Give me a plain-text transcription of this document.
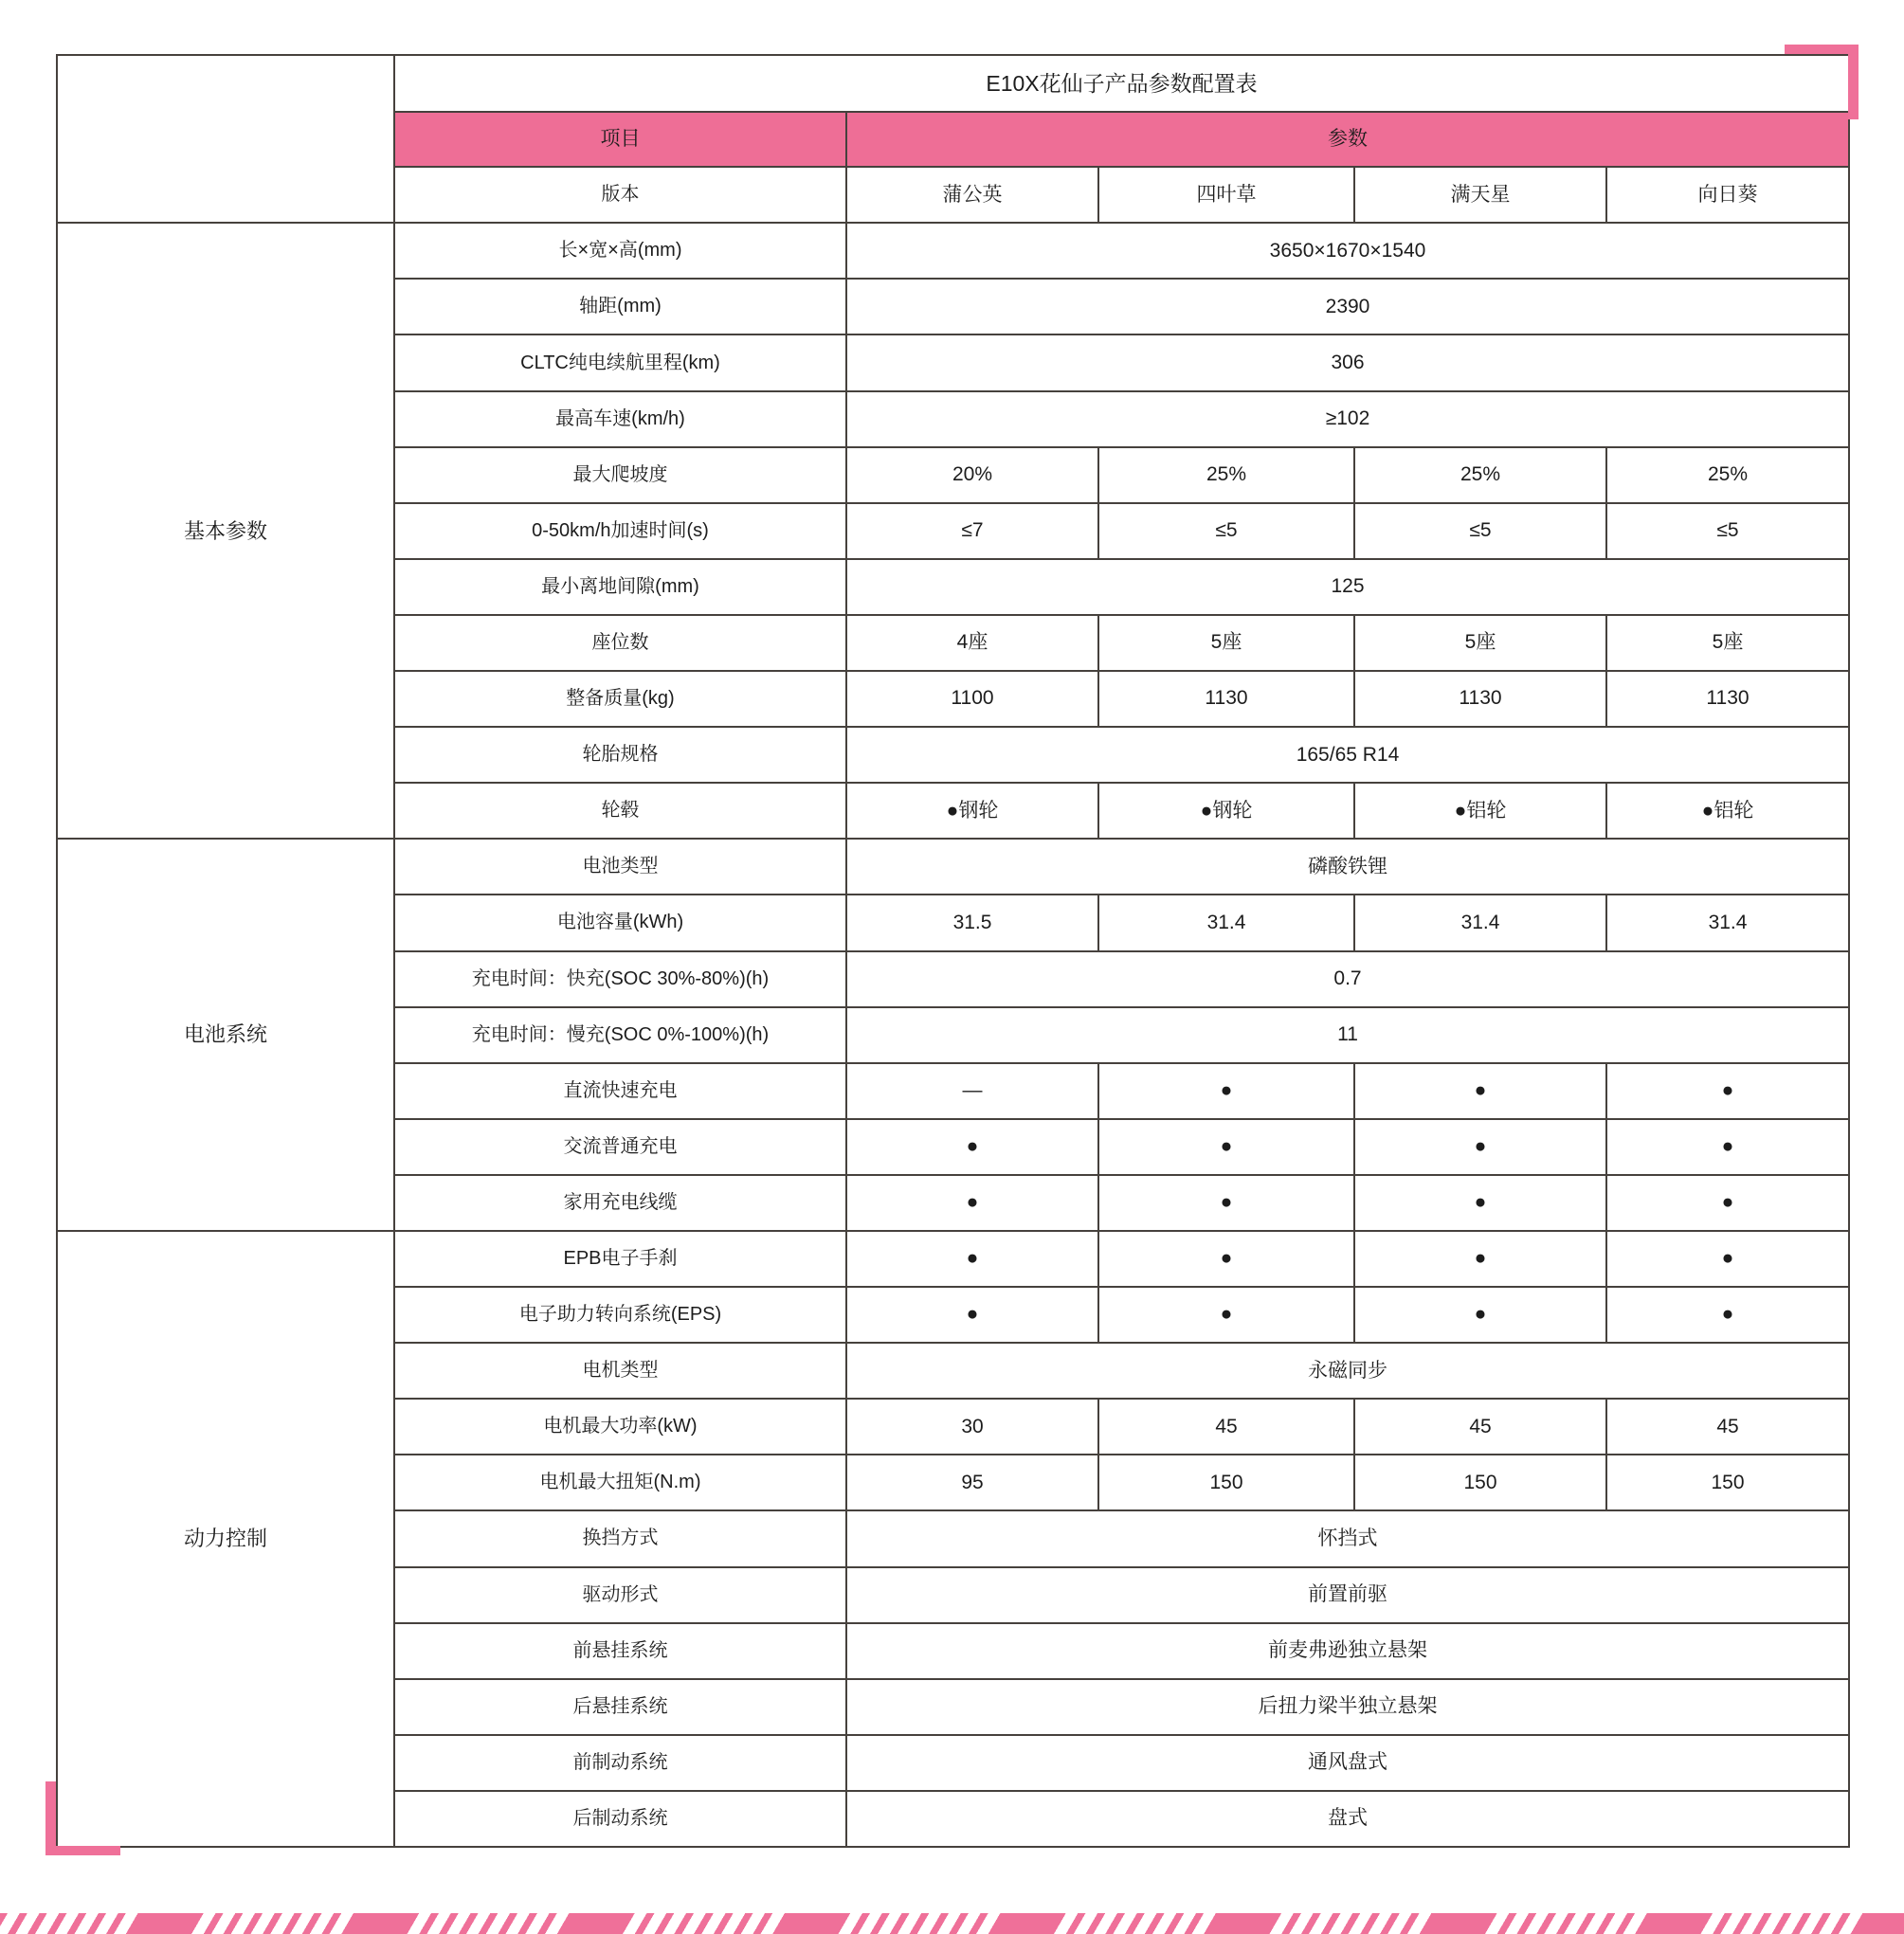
	E10X花仙子产品参数配置表				
	项目	参数			
	版本	蒲公英	四叶草	满天星	向日葵
基本参数	长×宽×高(mm)	3650×1670×1540			
	轴距(mm)	2390			
	CLTC纯电续航里程(km)	306			
	最高车速(km/h)	≥102			
	最大爬坡度	20%	25%	25%	25%
	0-50km/h加速时间(s)	≤7	≤5	≤5	≤5
	最小离地间隙(mm)	125			
	座位数	4座	5座	5座	5座
	整备质量(kg)	1100	1130	1130	1130
	轮胎规格	165/65 R14			
	轮毂	●钢轮	●钢轮	●铝轮	●铝轮
电池系统	电池类型	磷酸铁锂			
	电池容量(kWh)	31.5	31.4	31.4	31.4
	充电时间：快充(SOC 30%-80%)(h)	0.7			
	充电时间：慢充(SOC 0%-100%)(h)	11			
	直流快速充电	—	●	●	●
	交流普通充电	●	●	●	●
	家用充电线缆	●	●	●	●
动力控制	EPB电子手刹	●	●	●	●
	电子助力转向系统(EPS)	●	●	●	●
	电机类型	永磁同步			
	电机最大功率(kW)	30	45	45	45
	电机最大扭矩(N.m)	95	150	150	150
	换挡方式	怀挡式			
	驱动形式	前置前驱			
	前悬挂系统	前麦弗逊独立悬架			
	后悬挂系统	后扭力梁半独立悬架			
	前制动系统	通风盘式			
	后制动系统	盘式			
